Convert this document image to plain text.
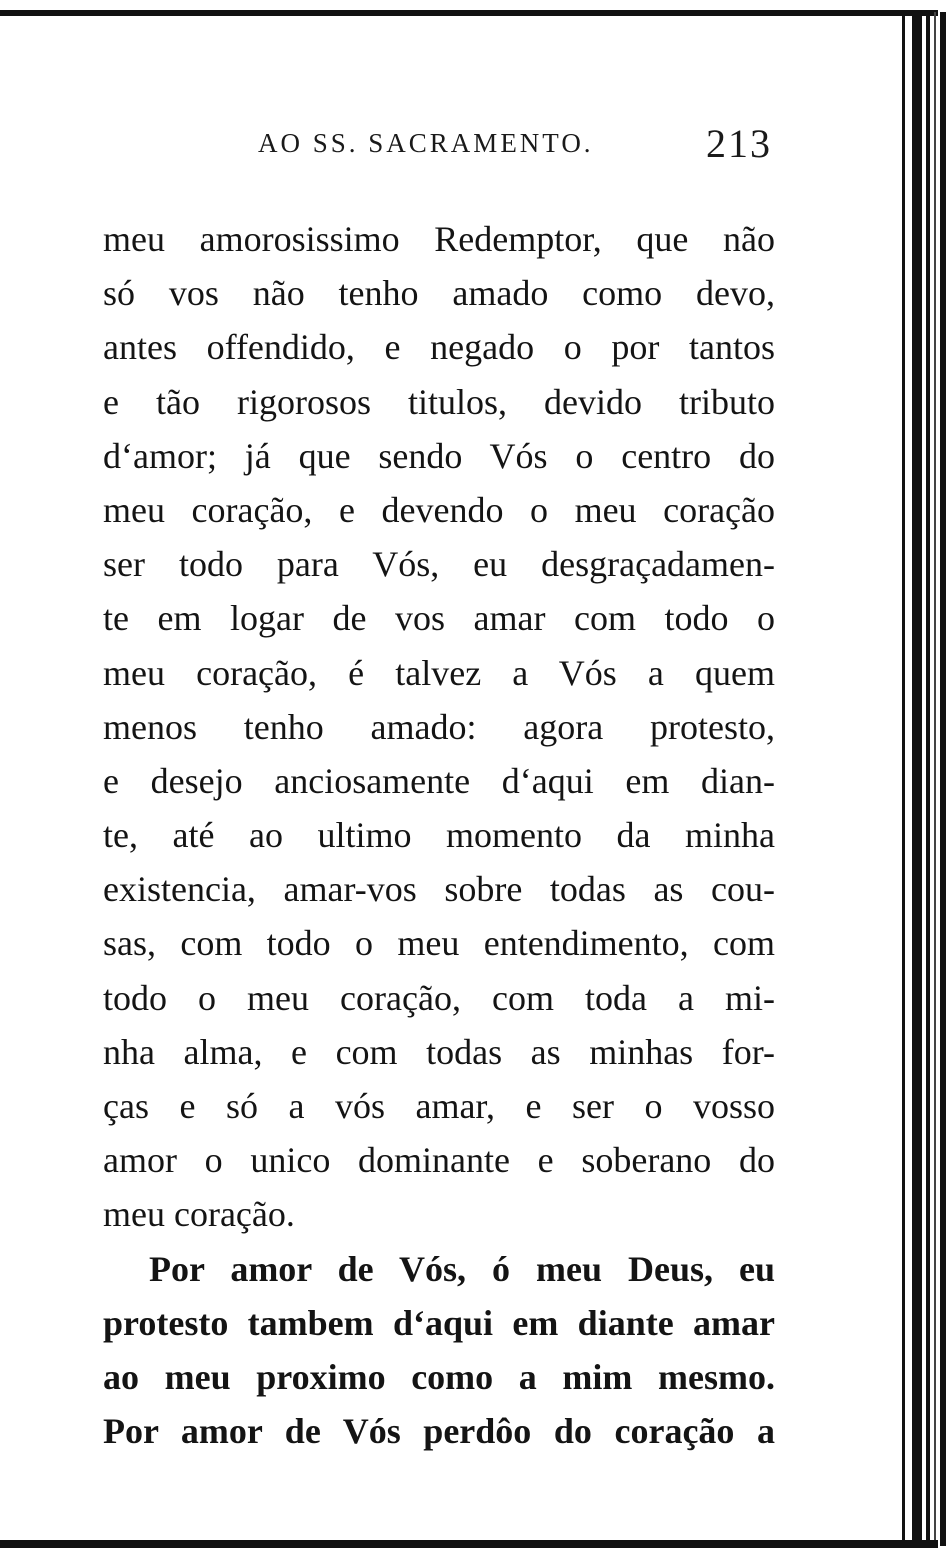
AO SS. SACRAMENTO.	213
meu amorosissimo Redemptor, que não
só vos não tenho amado como devo,
antes offendido, e negado o por tantos
e tão rigorosos titulos, devido tributo
d‘amor; já que sendo Vós o centro do
meu coração, e devendo o meu coração
ser todo para Vós, eu desgraçadamen-
te em logar de vos amar com todo o
meu coração, é talvez a Vós a quem
menos tenho amado: agora protesto,
e desejo anciosamente d‘aqui em dian-
te, até ao ultimo momento da minha
existencia, amar-vos sobre todas as cou-
sas, com todo o meu entendimento, com
todo o meu coração, com toda a mi-
nha alma, e com todas as minhas for-
ças e só a vós amar, e ser o vosso
amor o unico dominante e soberano do
meu coração.
Por amor de Vós, ó meu Deus, eu
protesto tambem d‘aqui em diante amar
ao meu proximo como a mim mesmo.
Por amor de Vós perdôo do coração a
